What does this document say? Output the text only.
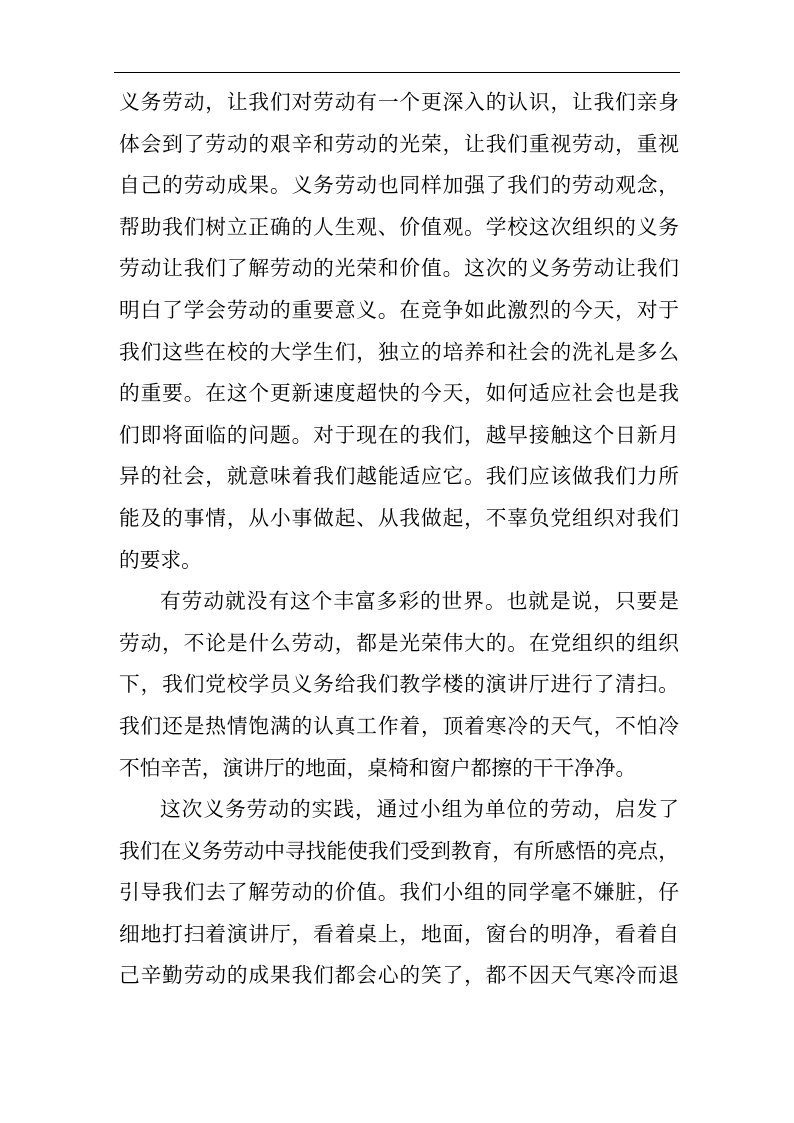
义务劳动，让我们对劳动有一个更深入的认识，让我们亲身
体会到了劳动的艰辛和劳动的光荣，让我们重视劳动，重视
自己的劳动成果。义务劳动也同样加强了我们的劳动观念，
帮助我们树立正确的人生观、价值观。学校这次组织的义务
劳动让我们了解劳动的光荣和价值。这次的义务劳动让我们
明白了学会劳动的重要意义。在竞争如此激烈的今天，对于
我们这些在校的大学生们，独立的培养和社会的洗礼是多么
的重要。在这个更新速度超快的今天，如何适应社会也是我
们即将面临的问题。对于现在的我们，越早接触这个日新月
异的社会，就意味着我们越能适应它。我们应该做我们力所
能及的事情，从小事做起、从我做起，不辜负党组织对我们
的要求。
有劳动就没有这个丰富多彩的世界。也就是说，只要是
劳动，不论是什么劳动，都是光荣伟大的。在党组织的组织
下，我们党校学员义务给我们教学楼的演讲厅进行了清扫。
我们还是热情饱满的认真工作着，顶着寒冷的天气，不怕冷
不怕辛苦，演讲厅的地面，桌椅和窗户都擦的干干净净。
这次义务劳动的实践，通过小组为单位的劳动，启发了
我们在义务劳动中寻找能使我们受到教育，有所感悟的亮点，
引导我们去了解劳动的价值。我们小组的同学毫不嫌脏，仔
细地打扫着演讲厅，看着桌上，地面，窗台的明净，看着自
己辛勤劳动的成果我们都会心的笑了，都不因天气寒冷而退
